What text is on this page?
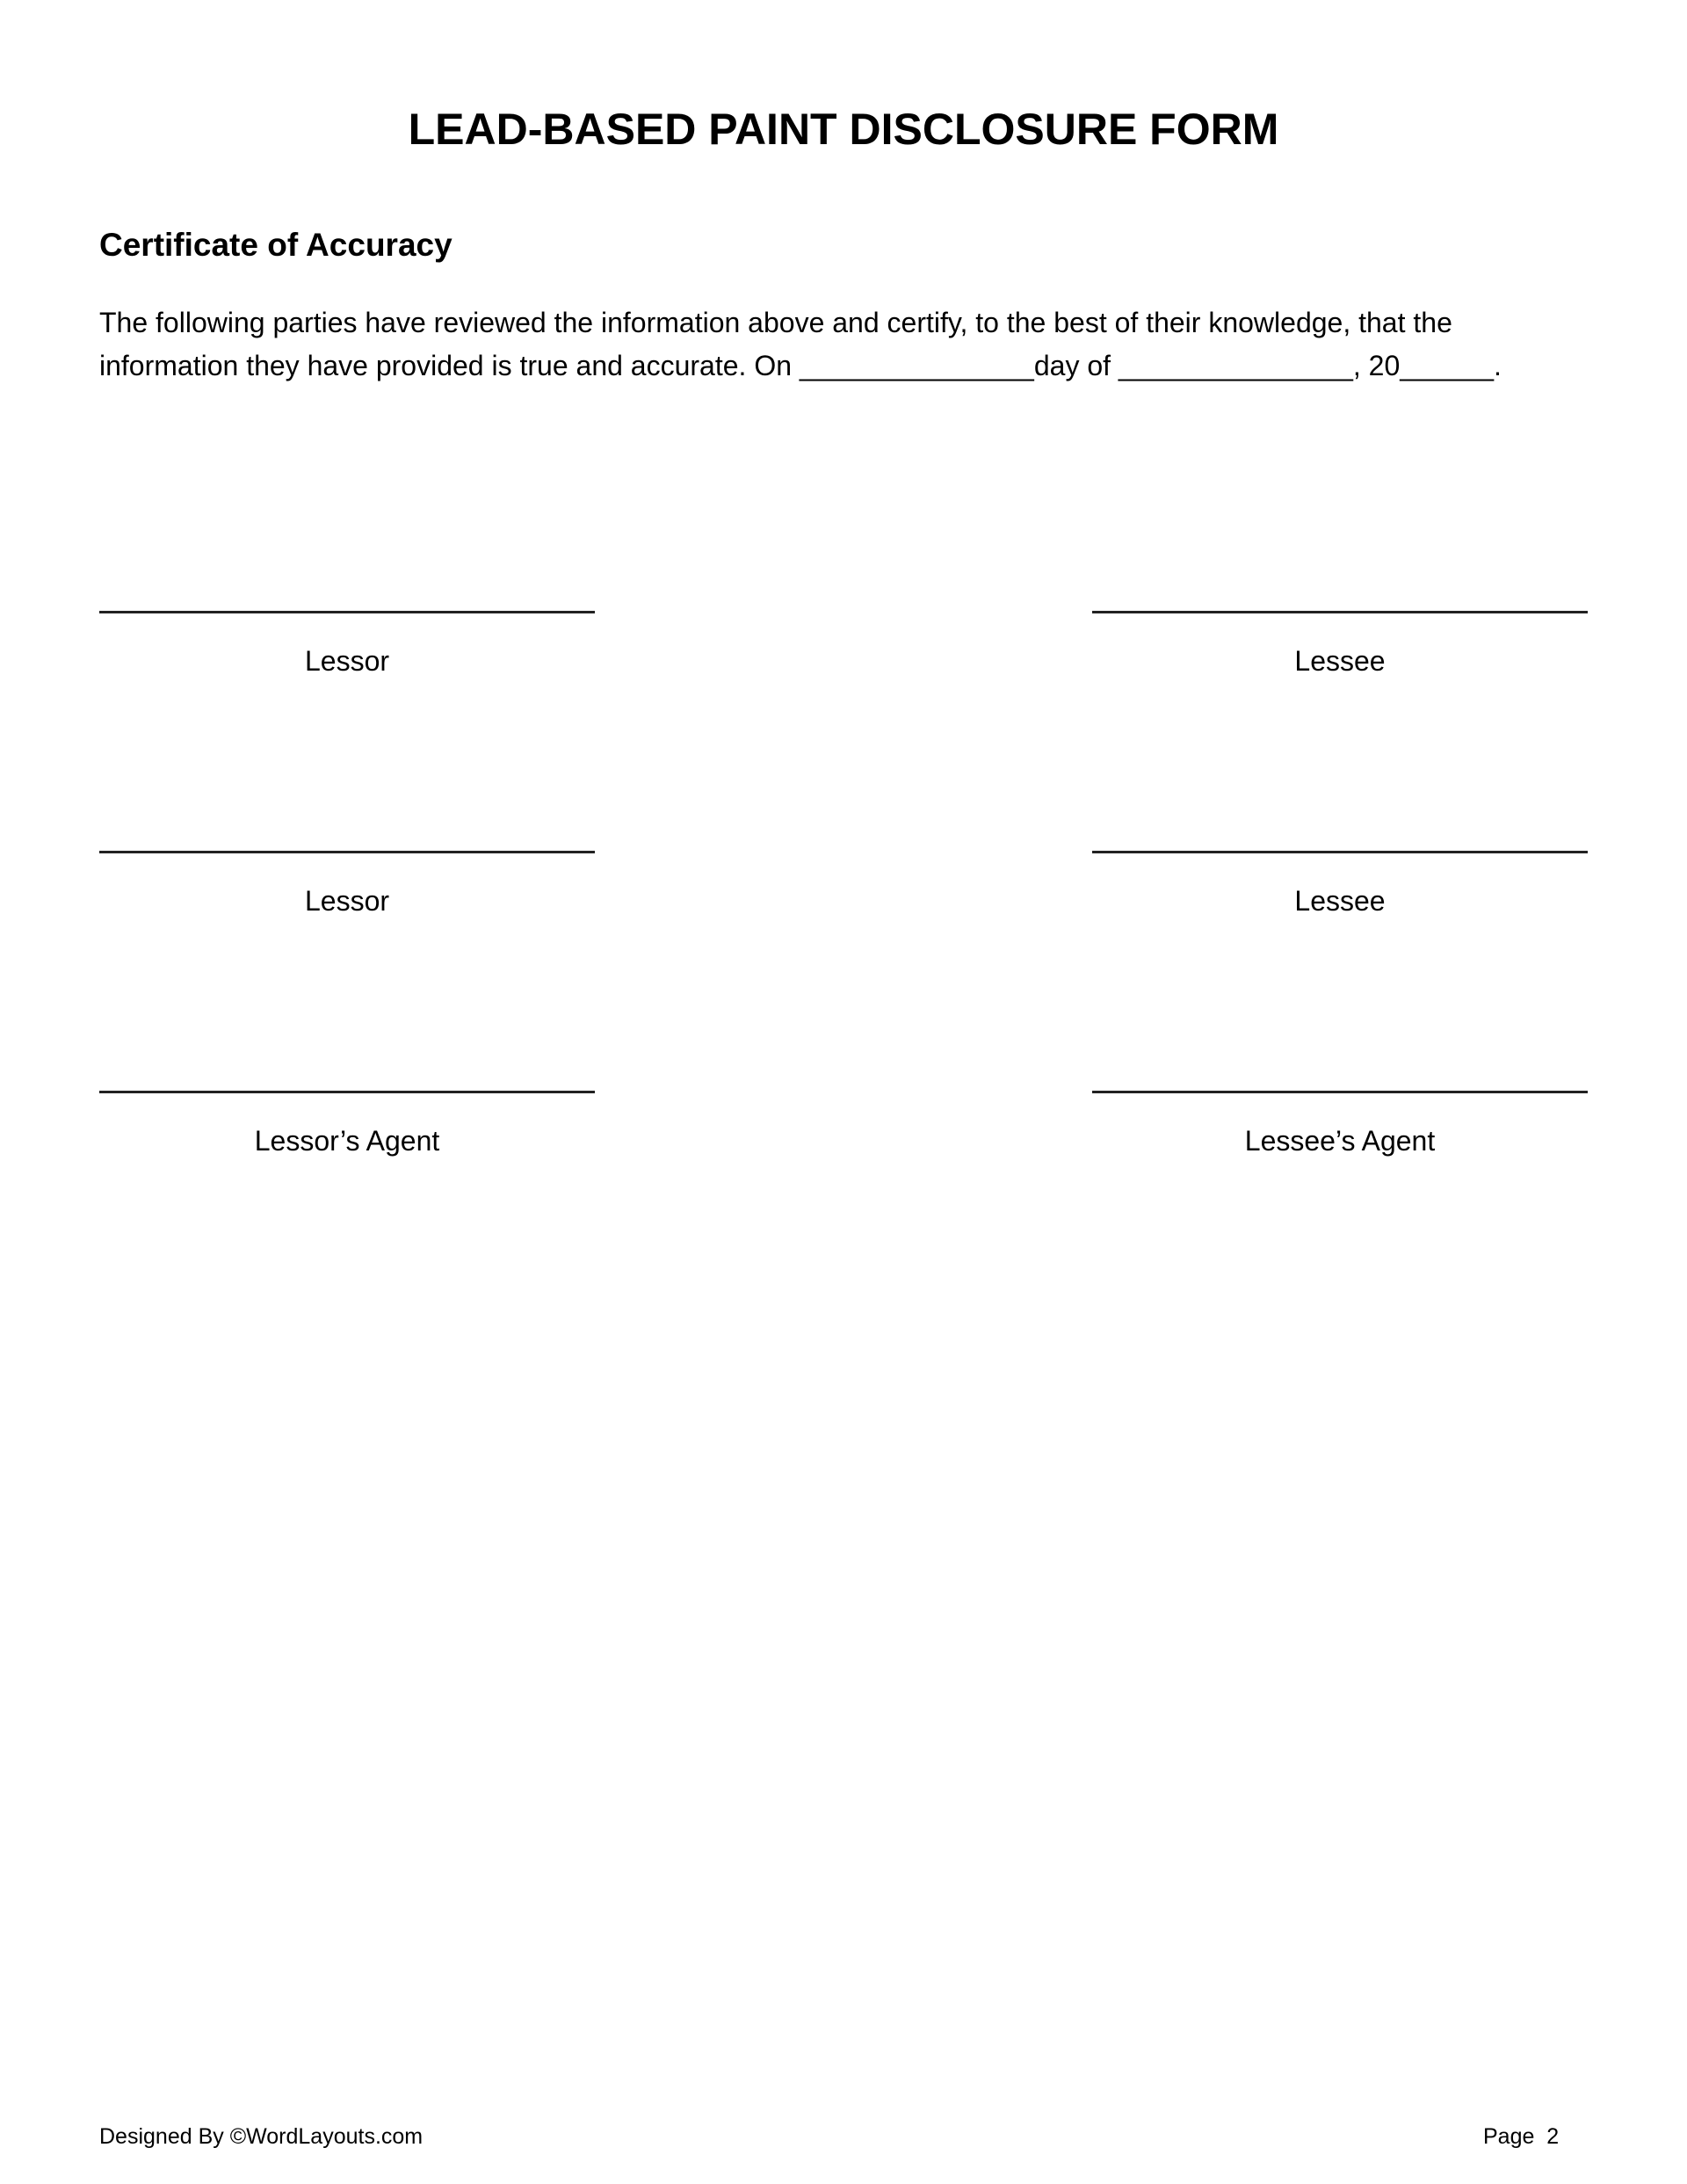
LEAD-BASED PAINT DISCLOSURE FORM
Certificate of Accuracy
The following parties have reviewed the information above and certify, to the best of their knowledge, that the information they have provided is true and accurate. On _______________day of _______________, 20______.
Lessor	Lessee
Lessor	Lessee
Lessor’s Agent	Lessee’s Agent
Designed By ©WordLayouts.com	Page  2
